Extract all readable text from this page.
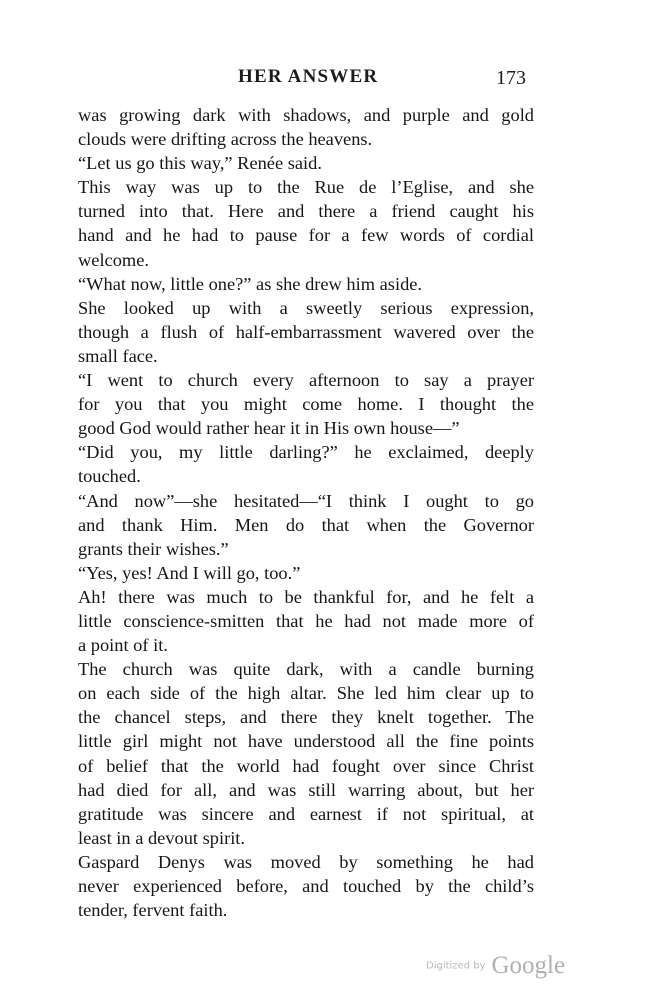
HER ANSWER	173
was growing dark with shadows, and purple and gold
clouds were drifting across the heavens.
“Let us go this way,” Renée said.
This way was up to the Rue de l’Eglise, and she
turned into that. Here and there a friend caught his
hand and he had to pause for a few words of cordial
welcome.
“What now, little one?” as she drew him aside.
She looked up with a sweetly serious expression,
though a flush of half-embarrassment wavered over the
small face.
“I went to church every afternoon to say a prayer
for you that you might come home. I thought the
good God would rather hear it in His own house—”
“Did you, my little darling?” he exclaimed, deeply
touched.
“And now”—she hesitated—“I think I ought to go
and thank Him. Men do that when the Governor
grants their wishes.”
“Yes, yes! And I will go, too.”
Ah! there was much to be thankful for, and he felt a
little conscience-smitten that he had not made more of
a point of it.
The church was quite dark, with a candle burning
on each side of the high altar. She led him clear up to
the chancel steps, and there they knelt together. The
little girl might not have understood all the fine points
of belief that the world had fought over since Christ
had died for all, and was still warring about, but her
gratitude was sincere and earnest if not spiritual, at
least in a devout spirit.
Gaspard Denys was moved by something he had
never experienced before, and touched by the child’s
tender, fervent faith.
Digitized by Google
